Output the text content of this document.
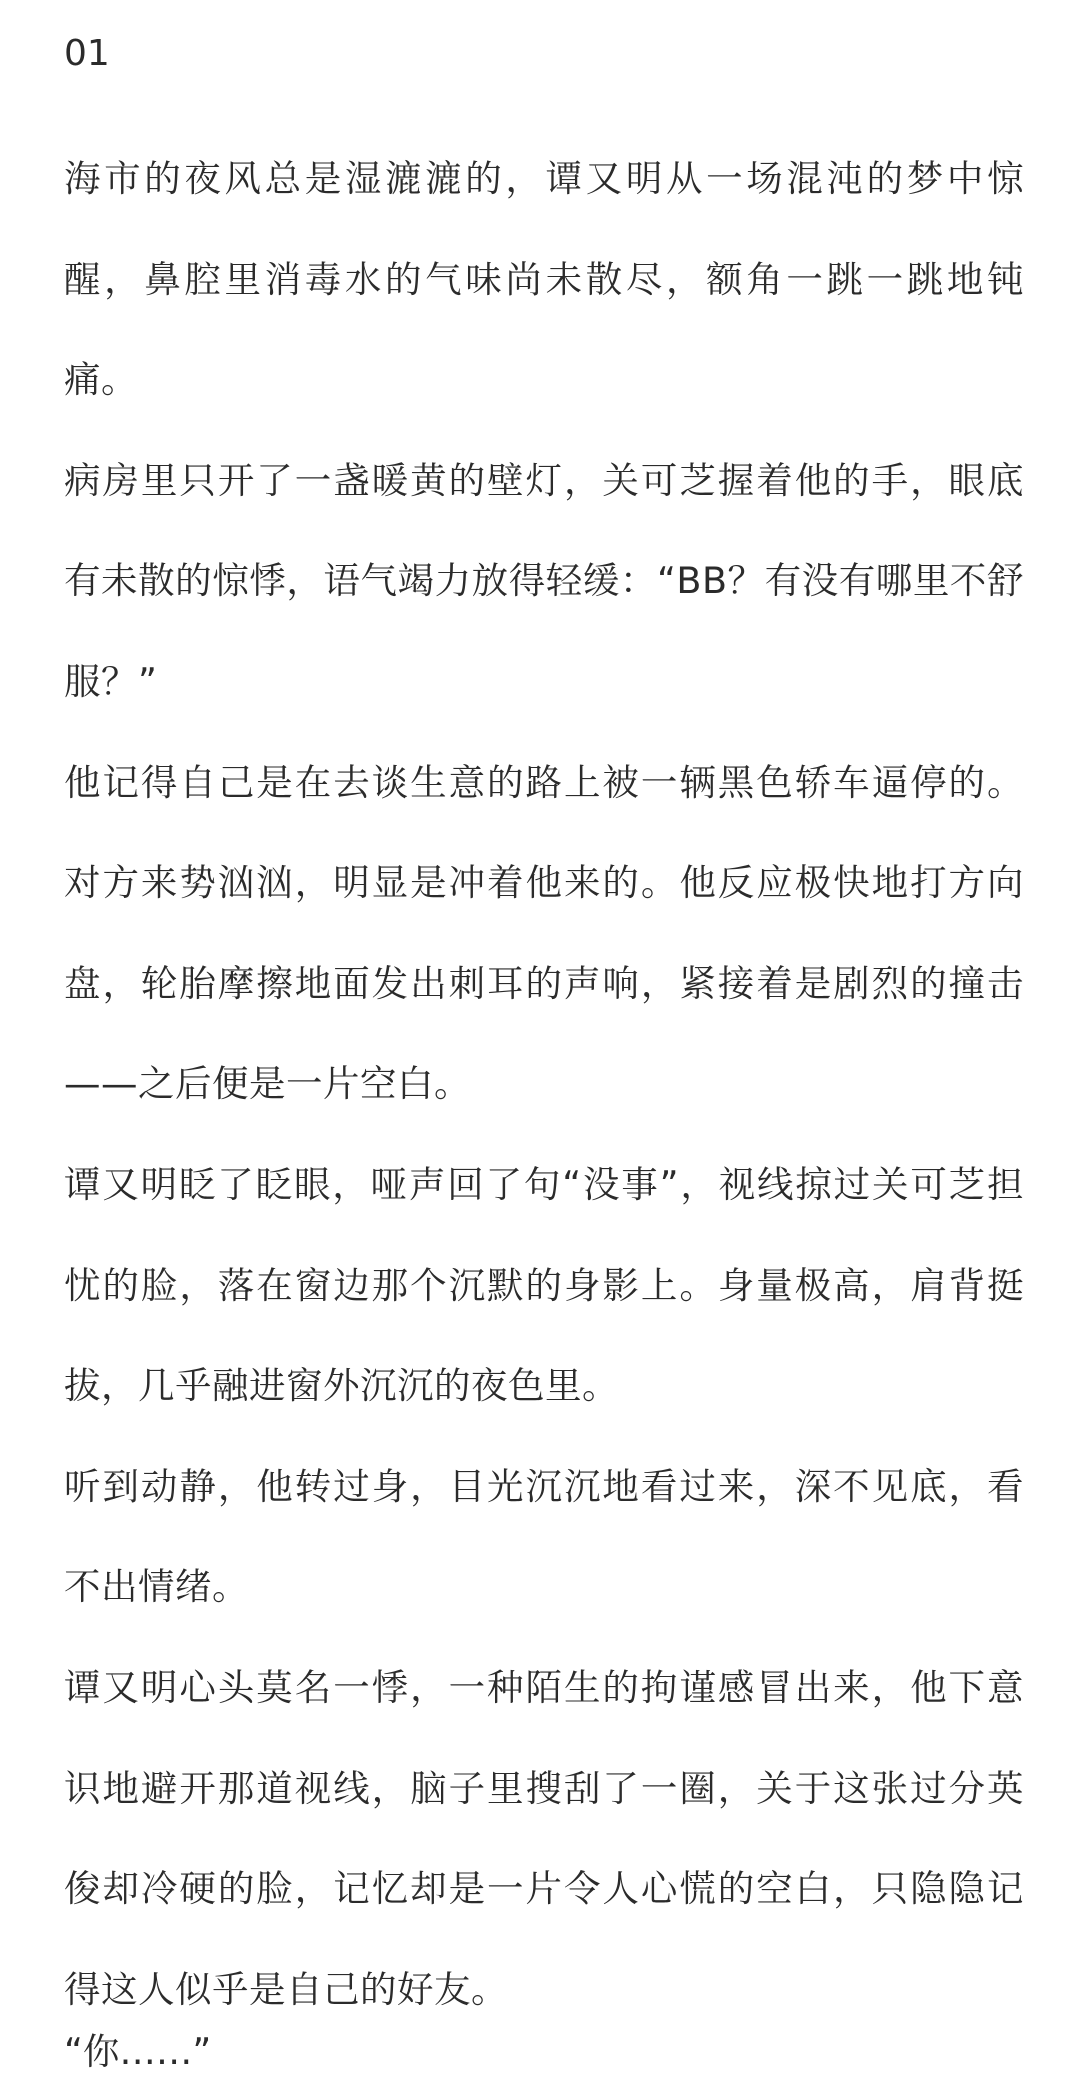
01

海市的夜风总是湿漉漉的，谭又明从一场混沌的梦中惊醒，鼻腔里消毒水的气味尚未散尽，额角一跳一跳地钝痛。

病房里只开了一盏暖黄的壁灯，关可芝握着他的手，眼底有未散的惊悸，语气竭力放得轻缓：“BB？有没有哪里不舒服？”

他记得自己是在去谈生意的路上被一辆黑色轿车逼停的。对方来势汹汹，明显是冲着他来的。他反应极快地打方向盘，轮胎摩擦地面发出刺耳的声响，紧接着是剧烈的撞击——之后便是一片空白。

谭又明眨了眨眼，哑声回了句“没事”，视线掠过关可芝担忧的脸，落在窗边那个沉默的身影上。身量极高，肩背挺拔，几乎融进窗外沉沉的夜色里。

听到动静，他转过身，目光沉沉地看过来，深不见底，看不出情绪。

谭又明心头莫名一悸，一种陌生的拘谨感冒出来，他下意识地避开那道视线，脑子里搜刮了一圈，关于这张过分英俊却冷硬的脸，记忆却是一片令人心慌的空白，只隐隐记得这人似乎是自己的好友。

“你……”
